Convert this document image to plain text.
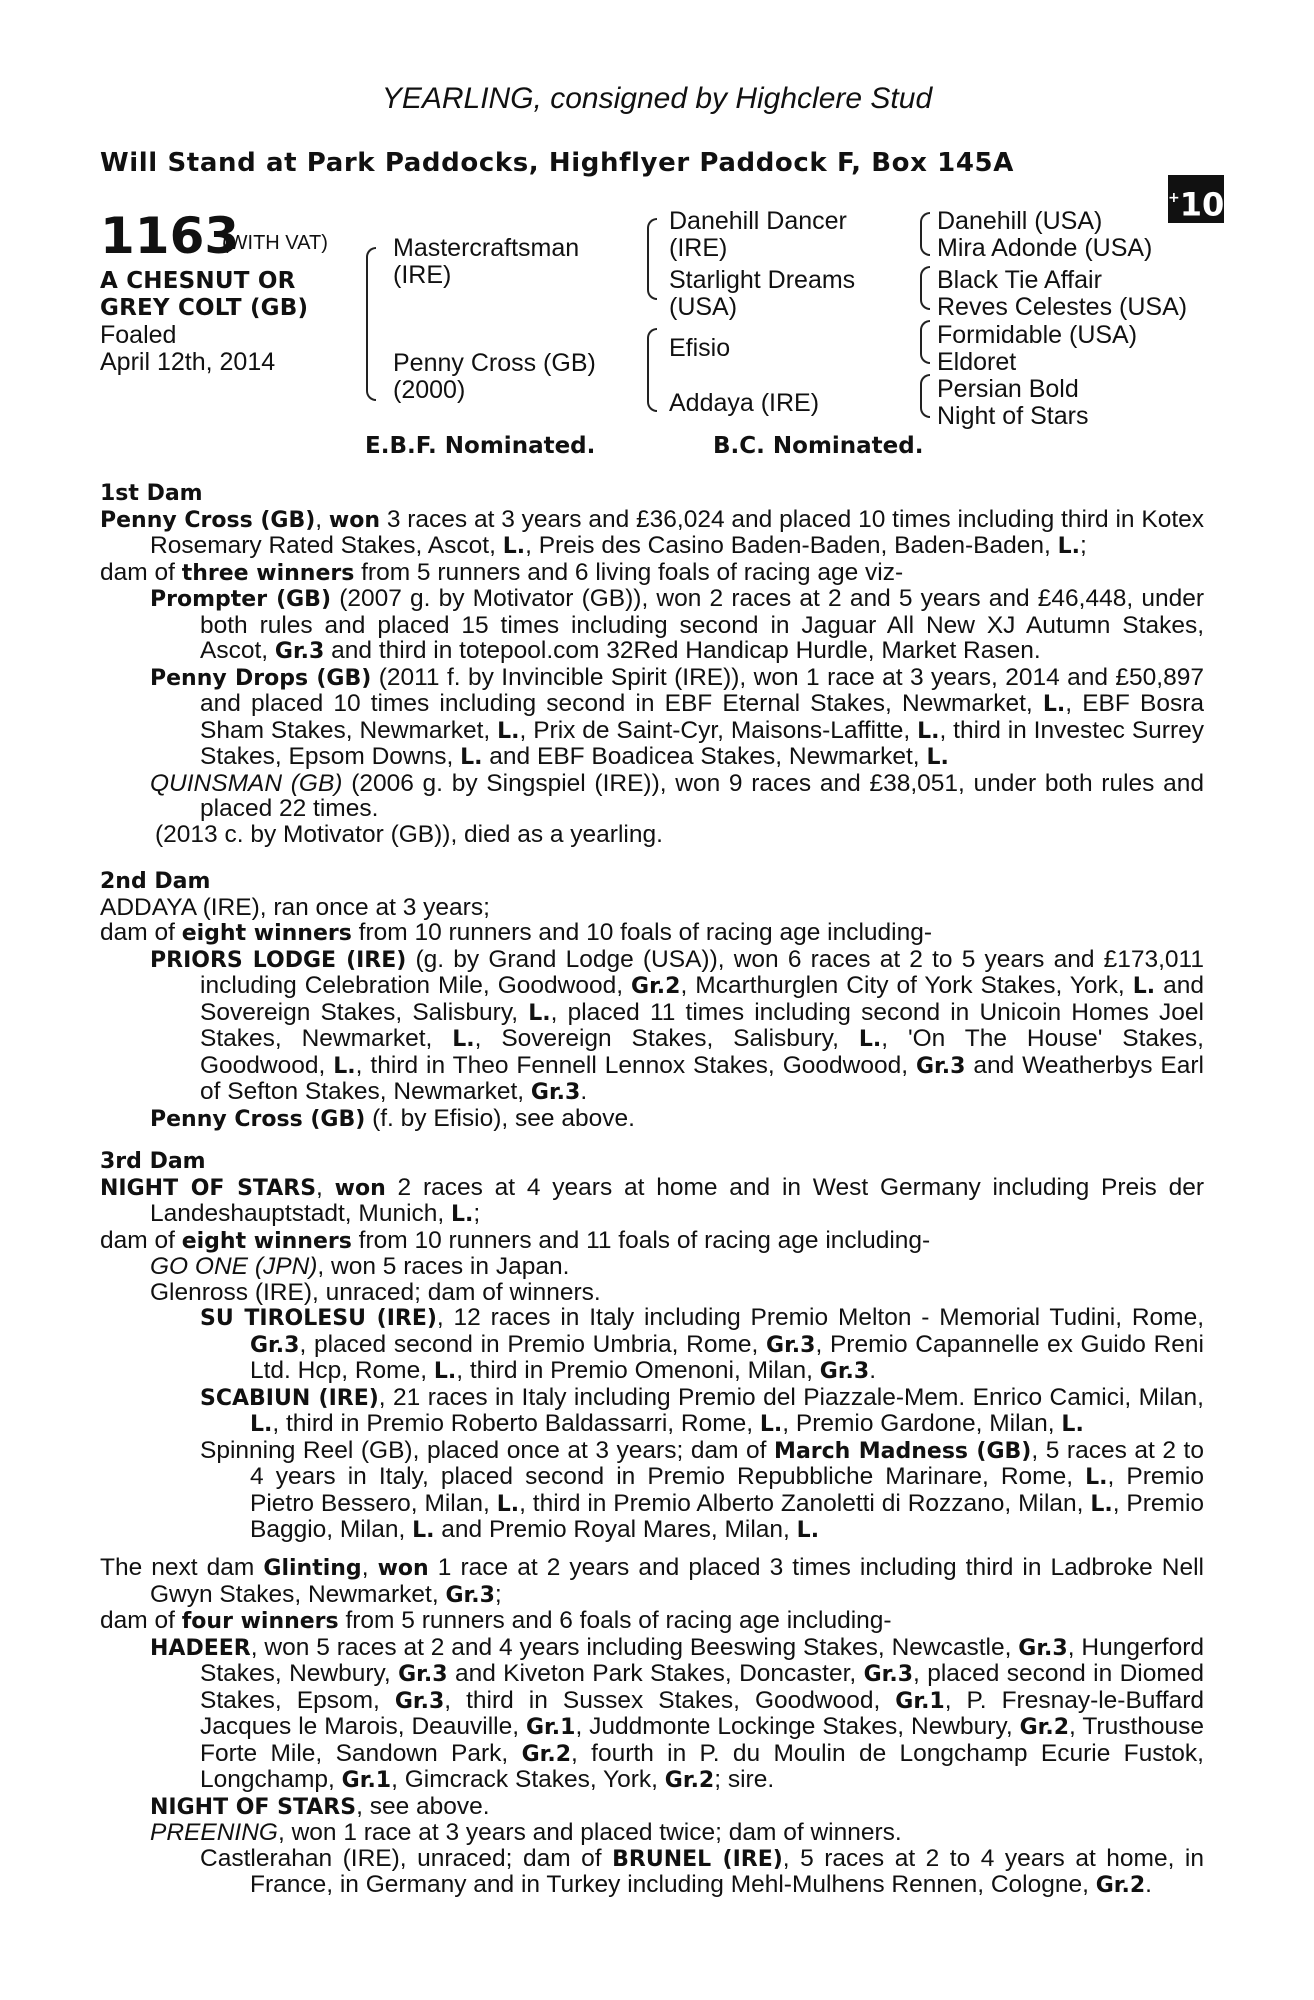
YEARLING, consigned by Highclere Stud
Will Stand at Park Paddocks, Highflyer Paddock F, Box 145A
+10
1163
(WITH VAT)
A CHESNUT OR
GREY COLT (GB)
Foaled
April 12th, 2014
Mastercraftsman
(IRE)
Penny Cross (GB)
(2000)
Danehill Dancer
(IRE)
Starlight Dreams
(USA)
Efisio
Addaya (IRE)
Danehill (USA)
Mira Adonde (USA)
Black Tie Affair
Reves Celestes (USA)
Formidable (USA)
Eldoret
Persian Bold
Night of Stars
E.B.F. Nominated.	B.C. Nominated.

1st Dam

Penny Cross (GB), won 3 races at 3 years and £36,024 and placed 10 times including third in Kotex Rosemary Rated Stakes, Ascot, L., Preis des Casino Baden-Baden, Baden-Baden, L.;

dam of three winners from 5 runners and 6 living foals of racing age viz-

Prompter (GB) (2007 g. by Motivator (GB)), won 2 races at 2 and 5 years and £46,448, under both rules and placed 15 times including second in Jaguar All New XJ Autumn Stakes, Ascot, Gr.3 and third in totepool.com 32Red Handicap Hurdle, Market Rasen.

Penny Drops (GB) (2011 f. by Invincible Spirit (IRE)), won 1 race at 3 years, 2014 and £50,897 and placed 10 times including second in EBF Eternal Stakes, Newmarket, L., EBF Bosra Sham Stakes, Newmarket, L., Prix de Saint-Cyr, Maisons-Laffitte, L., third in Investec Surrey Stakes, Epsom Downs, L. and EBF Boadicea Stakes, Newmarket, L.

QUINSMAN (GB) (2006 g. by Singspiel (IRE)), won 9 races and £38,051, under both rules and placed 22 times.

(2013 c. by Motivator (GB)), died as a yearling.

2nd Dam

ADDAYA (IRE), ran once at 3 years;

dam of eight winners from 10 runners and 10 foals of racing age including-

PRIORS LODGE (IRE) (g. by Grand Lodge (USA)), won 6 races at 2 to 5 years and £173,011 including Celebration Mile, Goodwood, Gr.2, Mcarthurglen City of York Stakes, York, L. and Sovereign Stakes, Salisbury, L., placed 11 times including second in Unicoin Homes Joel Stakes, Newmarket, L., Sovereign Stakes, Salisbury, L., 'On The House' Stakes, Goodwood, L., third in Theo Fennell Lennox Stakes, Goodwood, Gr.3 and Weatherbys Earl of Sefton Stakes, Newmarket, Gr.3.

Penny Cross (GB) (f. by Efisio), see above.

3rd Dam

NIGHT OF STARS, won 2 races at 4 years at home and in West Germany including Preis der Landeshauptstadt, Munich, L.;

dam of eight winners from 10 runners and 11 foals of racing age including-

GO ONE (JPN), won 5 races in Japan.

Glenross (IRE), unraced; dam of winners.

SU TIROLESU (IRE), 12 races in Italy including Premio Melton - Memorial Tudini, Rome, Gr.3, placed second in Premio Umbria, Rome, Gr.3, Premio Capannelle ex Guido Reni Ltd. Hcp, Rome, L., third in Premio Omenoni, Milan, Gr.3.

SCABIUN (IRE), 21 races in Italy including Premio del Piazzale-Mem. Enrico Camici, Milan, L., third in Premio Roberto Baldassarri, Rome, L., Premio Gardone, Milan, L.

Spinning Reel (GB), placed once at 3 years; dam of March Madness (GB), 5 races at 2 to 4 years in Italy, placed second in Premio Repubbliche Marinare, Rome, L., Premio Pietro Bessero, Milan, L., third in Premio Alberto Zanoletti di Rozzano, Milan, L., Premio Baggio, Milan, L. and Premio Royal Mares, Milan, L.

The next dam Glinting, won 1 race at 2 years and placed 3 times including third in Ladbroke Nell Gwyn Stakes, Newmarket, Gr.3;

dam of four winners from 5 runners and 6 foals of racing age including-

HADEER, won 5 races at 2 and 4 years including Beeswing Stakes, Newcastle, Gr.3, Hungerford Stakes, Newbury, Gr.3 and Kiveton Park Stakes, Doncaster, Gr.3, placed second in Diomed Stakes, Epsom, Gr.3, third in Sussex Stakes, Goodwood, Gr.1, P. Fresnay-le-Buffard Jacques le Marois, Deauville, Gr.1, Juddmonte Lockinge Stakes, Newbury, Gr.2, Trusthouse Forte Mile, Sandown Park, Gr.2, fourth in P. du Moulin de Longchamp Ecurie Fustok, Longchamp, Gr.1, Gimcrack Stakes, York, Gr.2; sire.

NIGHT OF STARS, see above.

PREENING, won 1 race at 3 years and placed twice; dam of winners.

Castlerahan (IRE), unraced; dam of BRUNEL (IRE), 5 races at 2 to 4 years at home, in France, in Germany and in Turkey including Mehl-Mulhens Rennen, Cologne, Gr.2.
